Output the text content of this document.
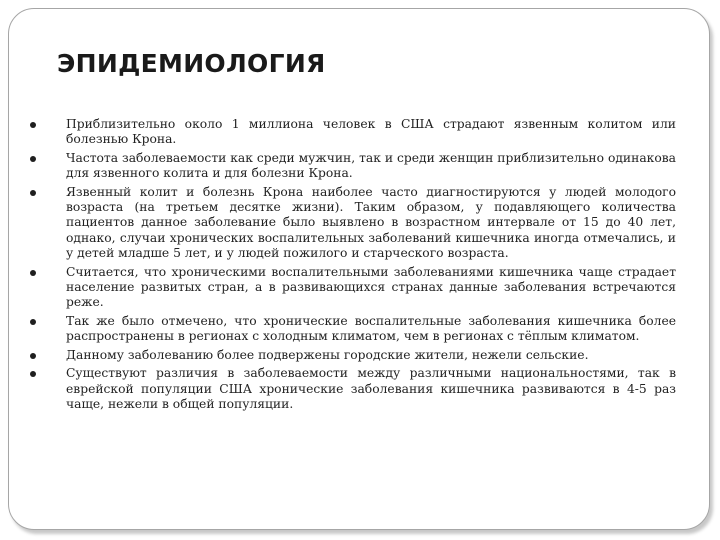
ЭПИДЕМИОЛОГИЯ
Приблизительно около 1 миллиона человек в США страдают язвенным колитом или болезнью Крона.
Частота заболеваемости как среди мужчин, так и среди женщин приблизительно одинакова для язвенного колита и для болезни Крона.
Язвенный колит и болезнь Крона наиболее часто диагностируются у людей молодого возраста (на третьем десятке жизни). Таким образом, у подавляющего количества пациентов данное заболевание было выявлено в возрастном интервале от 15 до 40 лет, однако, случаи хронических воспалительных заболеваний кишечника иногда отмечались, и у детей младше 5 лет, и у людей пожилого и старческого возраста.
Считается, что хроническими воспалительными заболеваниями кишечника чаще страдает население развитых стран, а в развивающихся странах данные заболевания встречаются реже.
Так же было отмечено, что хронические воспалительные заболевания кишечника более распространены в регионах с холодным климатом, чем в регионах с тёплым климатом.
Данному заболеванию более подвержены городские жители, нежели сельские.
Существуют различия в заболеваемости между различными национальностями, так в еврейской популяции США хронические заболевания кишечника развиваются в 4-5 раз чаще, нежели в общей популяции.
